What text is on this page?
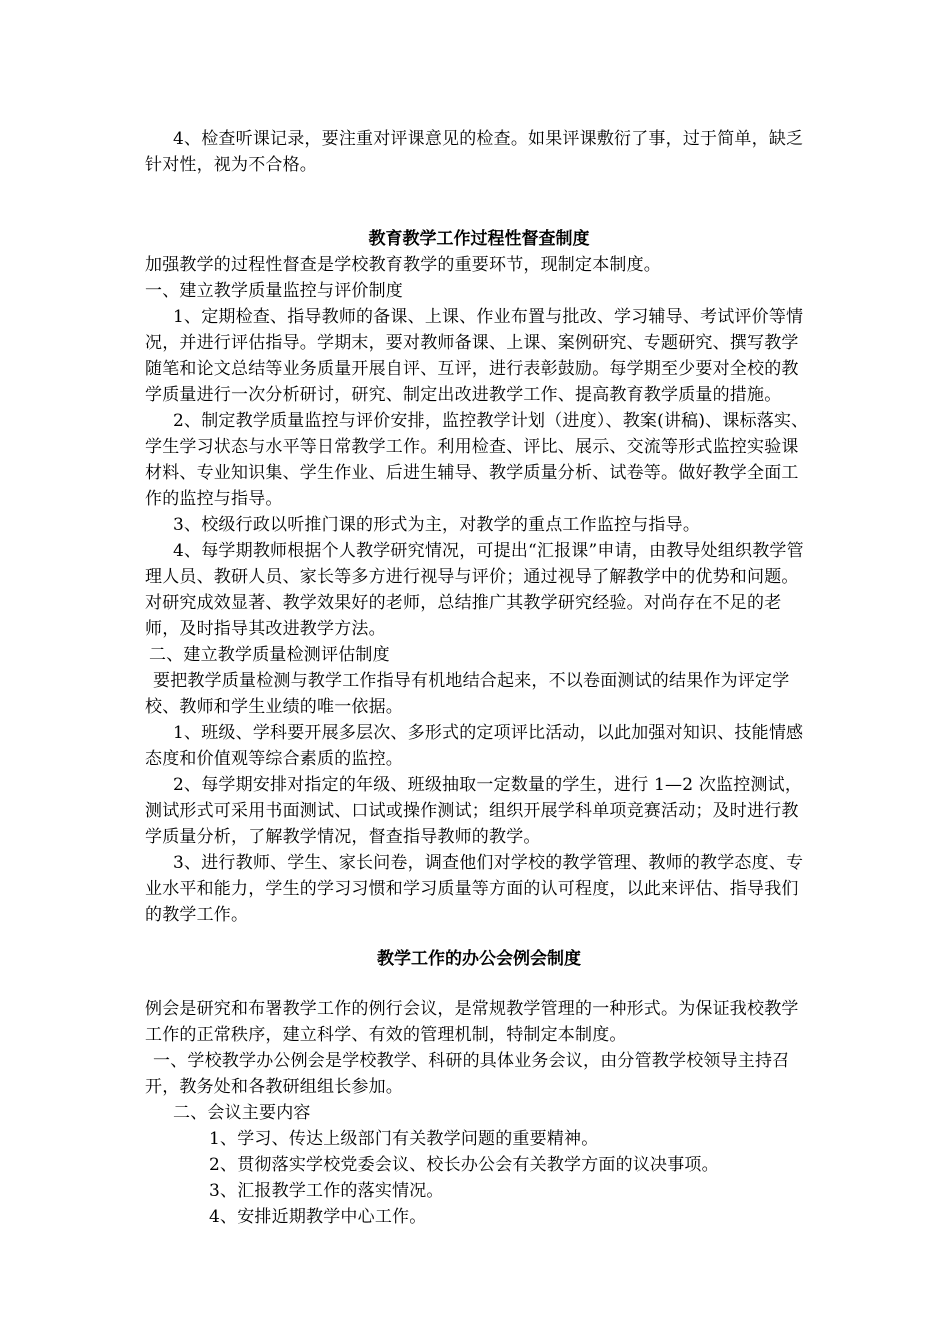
4、检查听课记录，要注重对评课意见的检查。如果评课敷衍了事，过于简单，缺乏针对性，视为不合格。

教育教学工作过程性督查制度

加强教学的过程性督查是学校教育教学的重要环节，现制定本制度。

一、建立教学质量监控与评价制度

1、定期检查、指导教师的备课、上课、作业布置与批改、学习辅导、考试评价等情况，并进行评估指导。学期末，要对教师备课、上课、案例研究、专题研究、撰写教学随笔和论文总结等业务质量开展自评、互评，进行表彰鼓励。每学期至少要对全校的教学质量进行一次分析研讨，研究、制定出改进教学工作、提高教育教学质量的措施。

2、制定教学质量监控与评价安排，监控教学计划（进度）、教案(讲稿)、课标落实、学生学习状态与水平等日常教学工作。利用检查、评比、展示、交流等形式监控实验课材料、专业知识集、学生作业、后进生辅导、教学质量分析、试卷等。做好教学全面工作的监控与指导。

3、校级行政以听推门课的形式为主，对教学的重点工作监控与指导。

4、每学期教师根据个人教学研究情况，可提出“汇报课”申请，由教导处组织教学管理人员、教研人员、家长等多方进行视导与评价；通过视导了解教学中的优势和问题。对研究成效显著、教学效果好的老师，总结推广其教学研究经验。对尚存在不足的老师，及时指导其改进教学方法。

二、建立教学质量检测评估制度

要把教学质量检测与教学工作指导有机地结合起来，不以卷面测试的结果作为评定学校、教师和学生业绩的唯一依据。

1、班级、学科要开展多层次、多形式的定项评比活动，以此加强对知识、技能情感态度和价值观等综合素质的监控。

2、每学期安排对指定的年级、班级抽取一定数量的学生，进行 1—2 次监控测试，测试形式可采用书面测试、口试或操作测试；组织开展学科单项竞赛活动；及时进行教学质量分析，了解教学情况，督查指导教师的教学。

3、进行教师、学生、家长问卷，调查他们对学校的教学管理、教师的教学态度、专业水平和能力，学生的学习习惯和学习质量等方面的认可程度，以此来评估、指导我们的教学工作。

教学工作的办公会例会制度

例会是研究和布署教学工作的例行会议，是常规教学管理的一种形式。为保证我校教学工作的正常秩序，建立科学、有效的管理机制，特制定本制度。

一、学校教学办公例会是学校教学、科研的具体业务会议，由分管教学校领导主持召开，教务处和各教研组组长参加。

二、会议主要内容

1、学习、传达上级部门有关教学问题的重要精神。

2、贯彻落实学校党委会议、校长办公会有关教学方面的议决事项。

3、汇报教学工作的落实情况。

4、安排近期教学中心工作。
